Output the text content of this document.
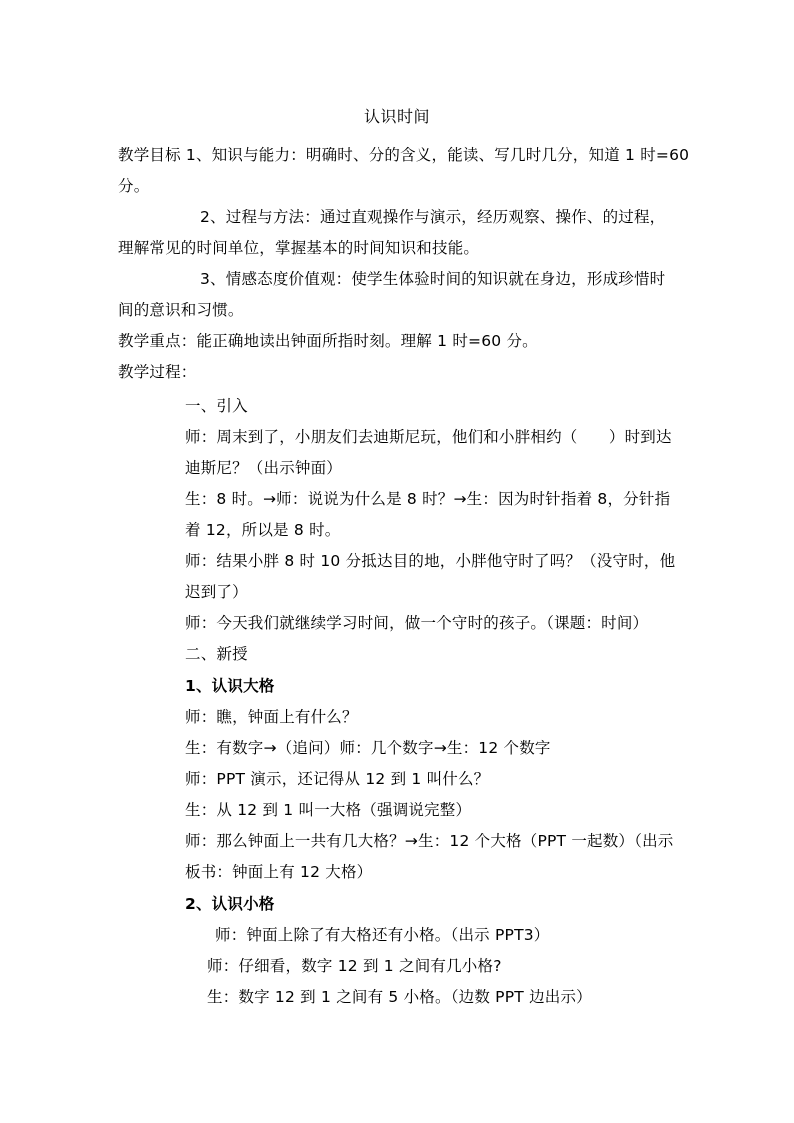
认识时间
教学目标 1、知识与能力：明确时、分的含义，能读、写几时几分，知道 1 时=60
分。
2、过程与方法：通过直观操作与演示，经历观察、操作、的过程，
理解常见的时间单位，掌握基本的时间知识和技能。
3、情感态度价值观：使学生体验时间的知识就在身边，形成珍惜时
间的意识和习惯。
教学重点：能正确地读出钟面所指时刻。理解 1 时=60 分。
教学过程：
一、引入
师：周末到了，小朋友们去迪斯尼玩，他们和小胖相约（　　）时到达
迪斯尼？（出示钟面）
生：8 时。→师：说说为什么是 8 时？→生：因为时针指着 8，分针指
着 12，所以是 8 时。
师：结果小胖 8 时 10 分抵达目的地，小胖他守时了吗？（没守时，他
迟到了）
师：今天我们就继续学习时间，做一个守时的孩子。（课题：时间）
二、新授
1、认识大格
师：瞧，钟面上有什么？
生：有数字→（追问）师：几个数字→生：12 个数字
师：PPT 演示，还记得从 12 到 1 叫什么？
生：从 12 到 1 叫一大格（强调说完整）
师：那么钟面上一共有几大格？→生：12 个大格（PPT 一起数）（出示
板书：钟面上有 12 大格）
2、认识小格
师：钟面上除了有大格还有小格。（出示 PPT3）
师：仔细看，数字 12 到 1 之间有几小格?
生：数字 12 到 1 之间有 5 小格。（边数 PPT 边出示）
